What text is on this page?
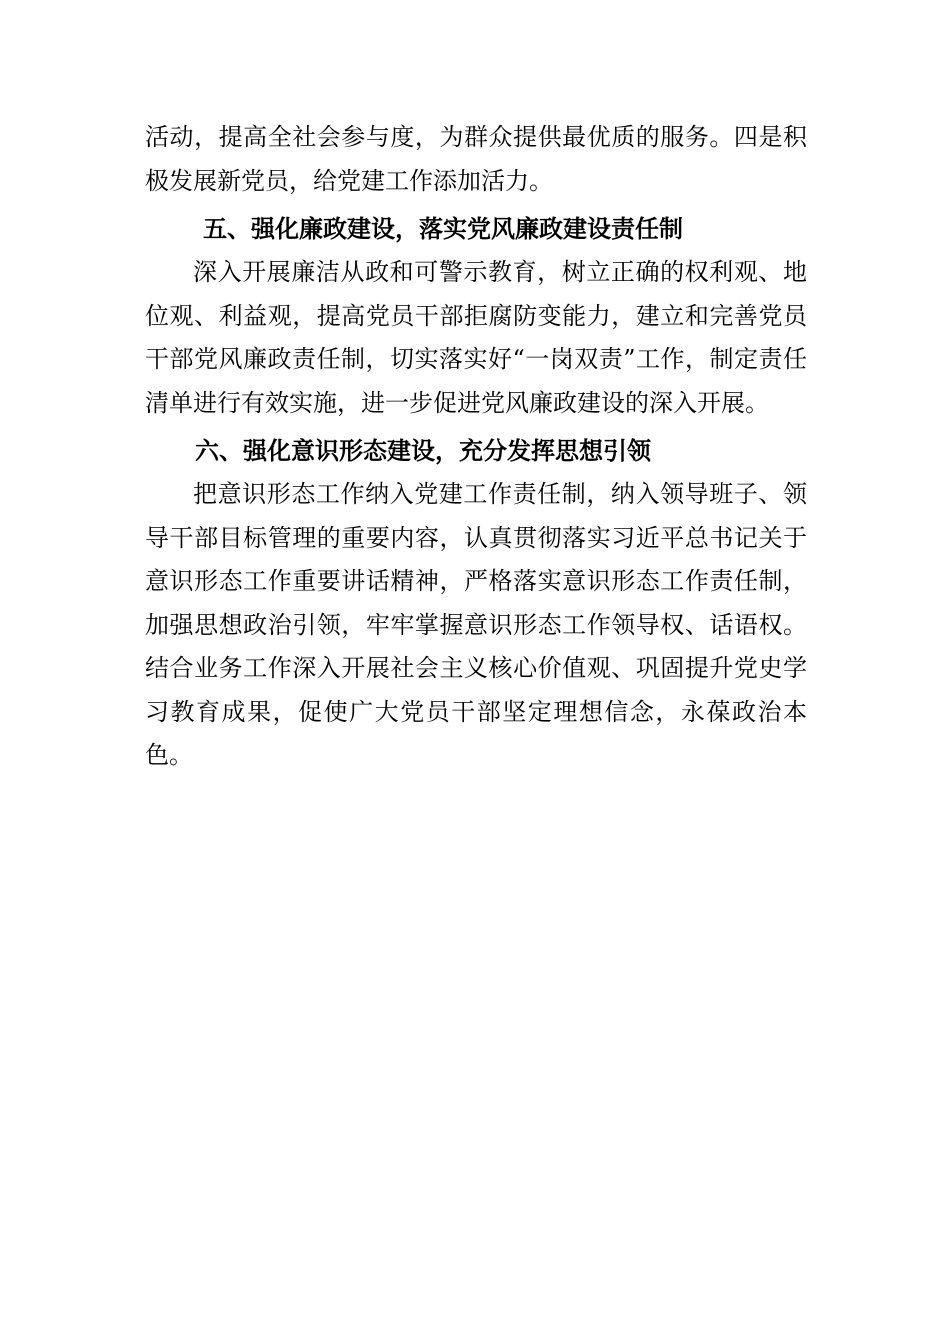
活动，提高全社会参与度，为群众提供最优质的服务。四是积极发展新党员，给党建工作添加活力。

五、强化廉政建设，落实党风廉政建设责任制

深入开展廉洁从政和可警示教育，树立正确的权利观、地位观、利益观，提高党员干部拒腐防变能力，建立和完善党员干部党风廉政责任制，切实落实好“一岗双责”工作，制定责任清单进行有效实施，进一步促进党风廉政建设的深入开展。

六、强化意识形态建设，充分发挥思想引领

把意识形态工作纳入党建工作责任制，纳入领导班子、领导干部目标管理的重要内容，认真贯彻落实习近平总书记关于意识形态工作重要讲话精神，严格落实意识形态工作责任制，加强思想政治引领，牢牢掌握意识形态工作领导权、话语权。结合业务工作深入开展社会主义核心价值观、巩固提升党史学习教育成果，促使广大党员干部坚定理想信念，永葆政治本色。
